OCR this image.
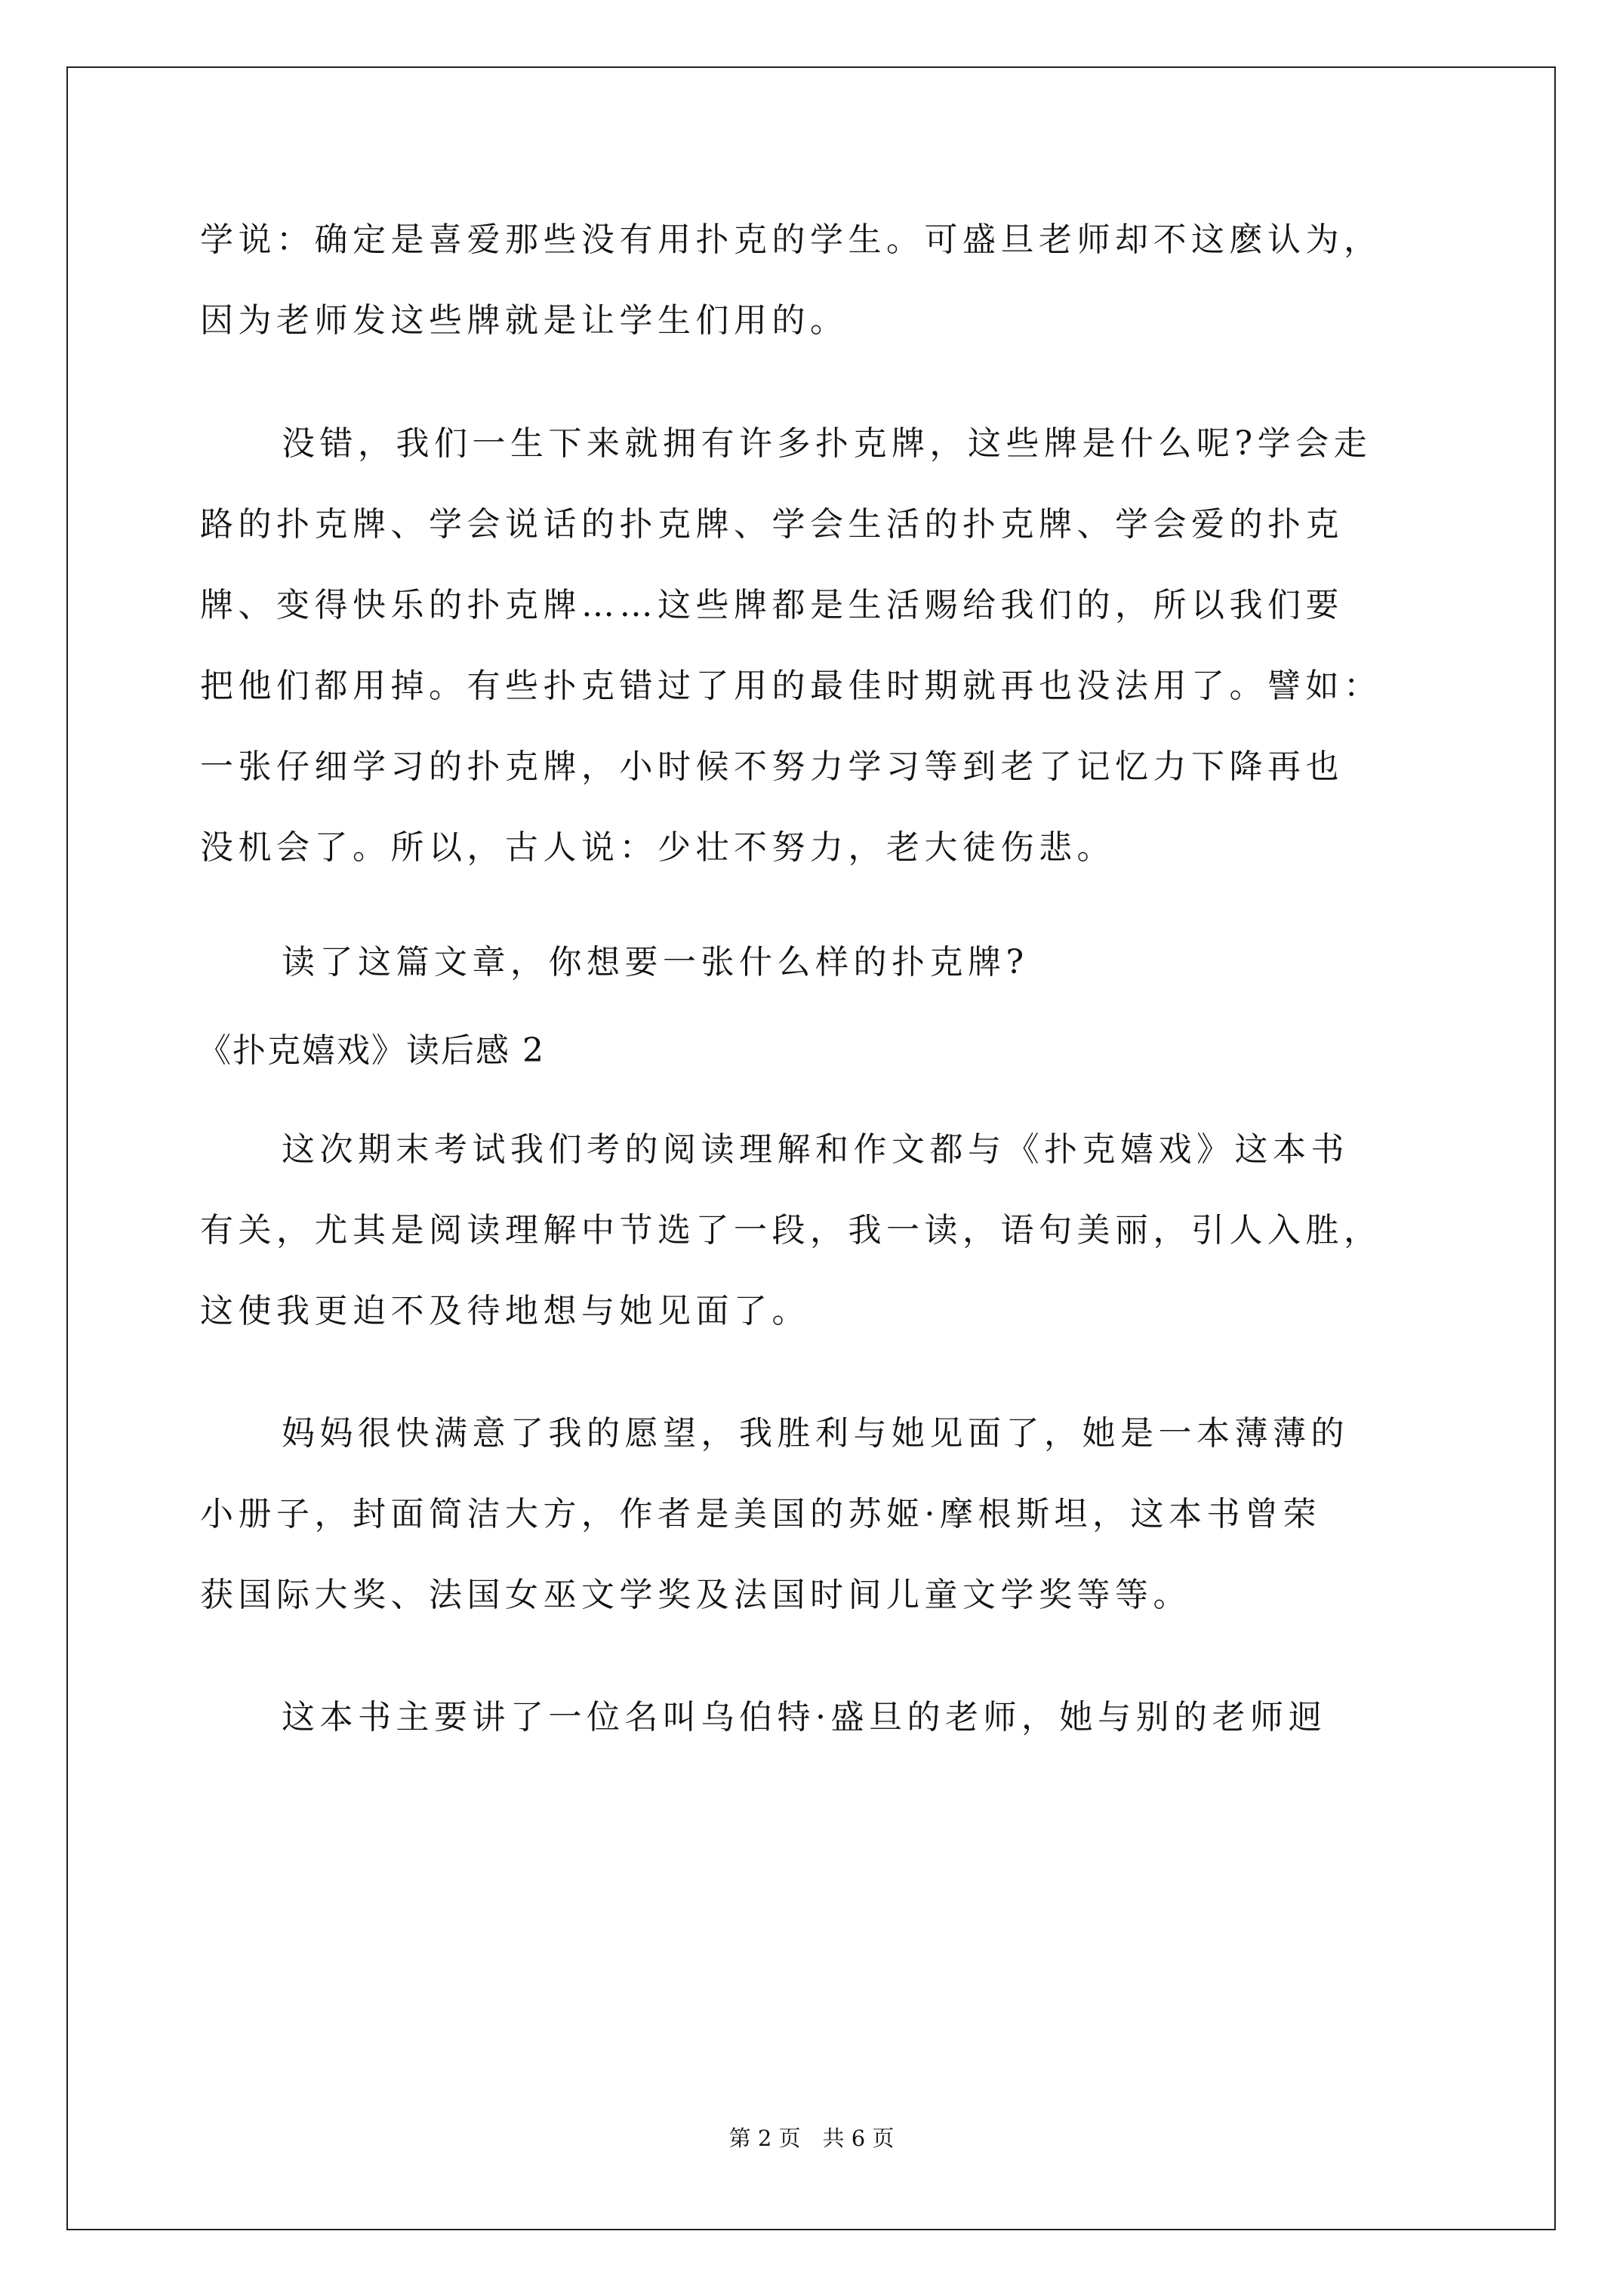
学说：确定是喜爱那些没有用扑克的学生。可盛旦老师却不这麽认为，
因为老师发这些牌就是让学生们用的。
没错，我们一生下来就拥有许多扑克牌，这些牌是什么呢?学会走
路的扑克牌、学会说话的扑克牌、学会生活的扑克牌、学会爱的扑克
牌、变得快乐的扑克牌……这些牌都是生活赐给我们的，所以我们要
把他们都用掉。有些扑克错过了用的最佳时期就再也没法用了。譬如：
一张仔细学习的扑克牌，小时候不努力学习等到老了记忆力下降再也
没机会了。所以，古人说：少壮不努力，老大徒伤悲。
读了这篇文章，你想要一张什么样的扑克牌?
《扑克嬉戏》读后感 2
这次期末考试我们考的阅读理解和作文都与《扑克嬉戏》这本书
有关，尤其是阅读理解中节选了一段，我一读，语句美丽，引人入胜，
这使我更迫不及待地想与她见面了。
妈妈很快满意了我的愿望，我胜利与她见面了，她是一本薄薄的
小册子，封面简洁大方，作者是美国的苏姬·摩根斯坦，这本书曾荣
获国际大奖、法国女巫文学奖及法国时间儿童文学奖等等。
这本书主要讲了一位名叫乌伯特·盛旦的老师，她与别的老师迥
第 2 页　共 6 页
